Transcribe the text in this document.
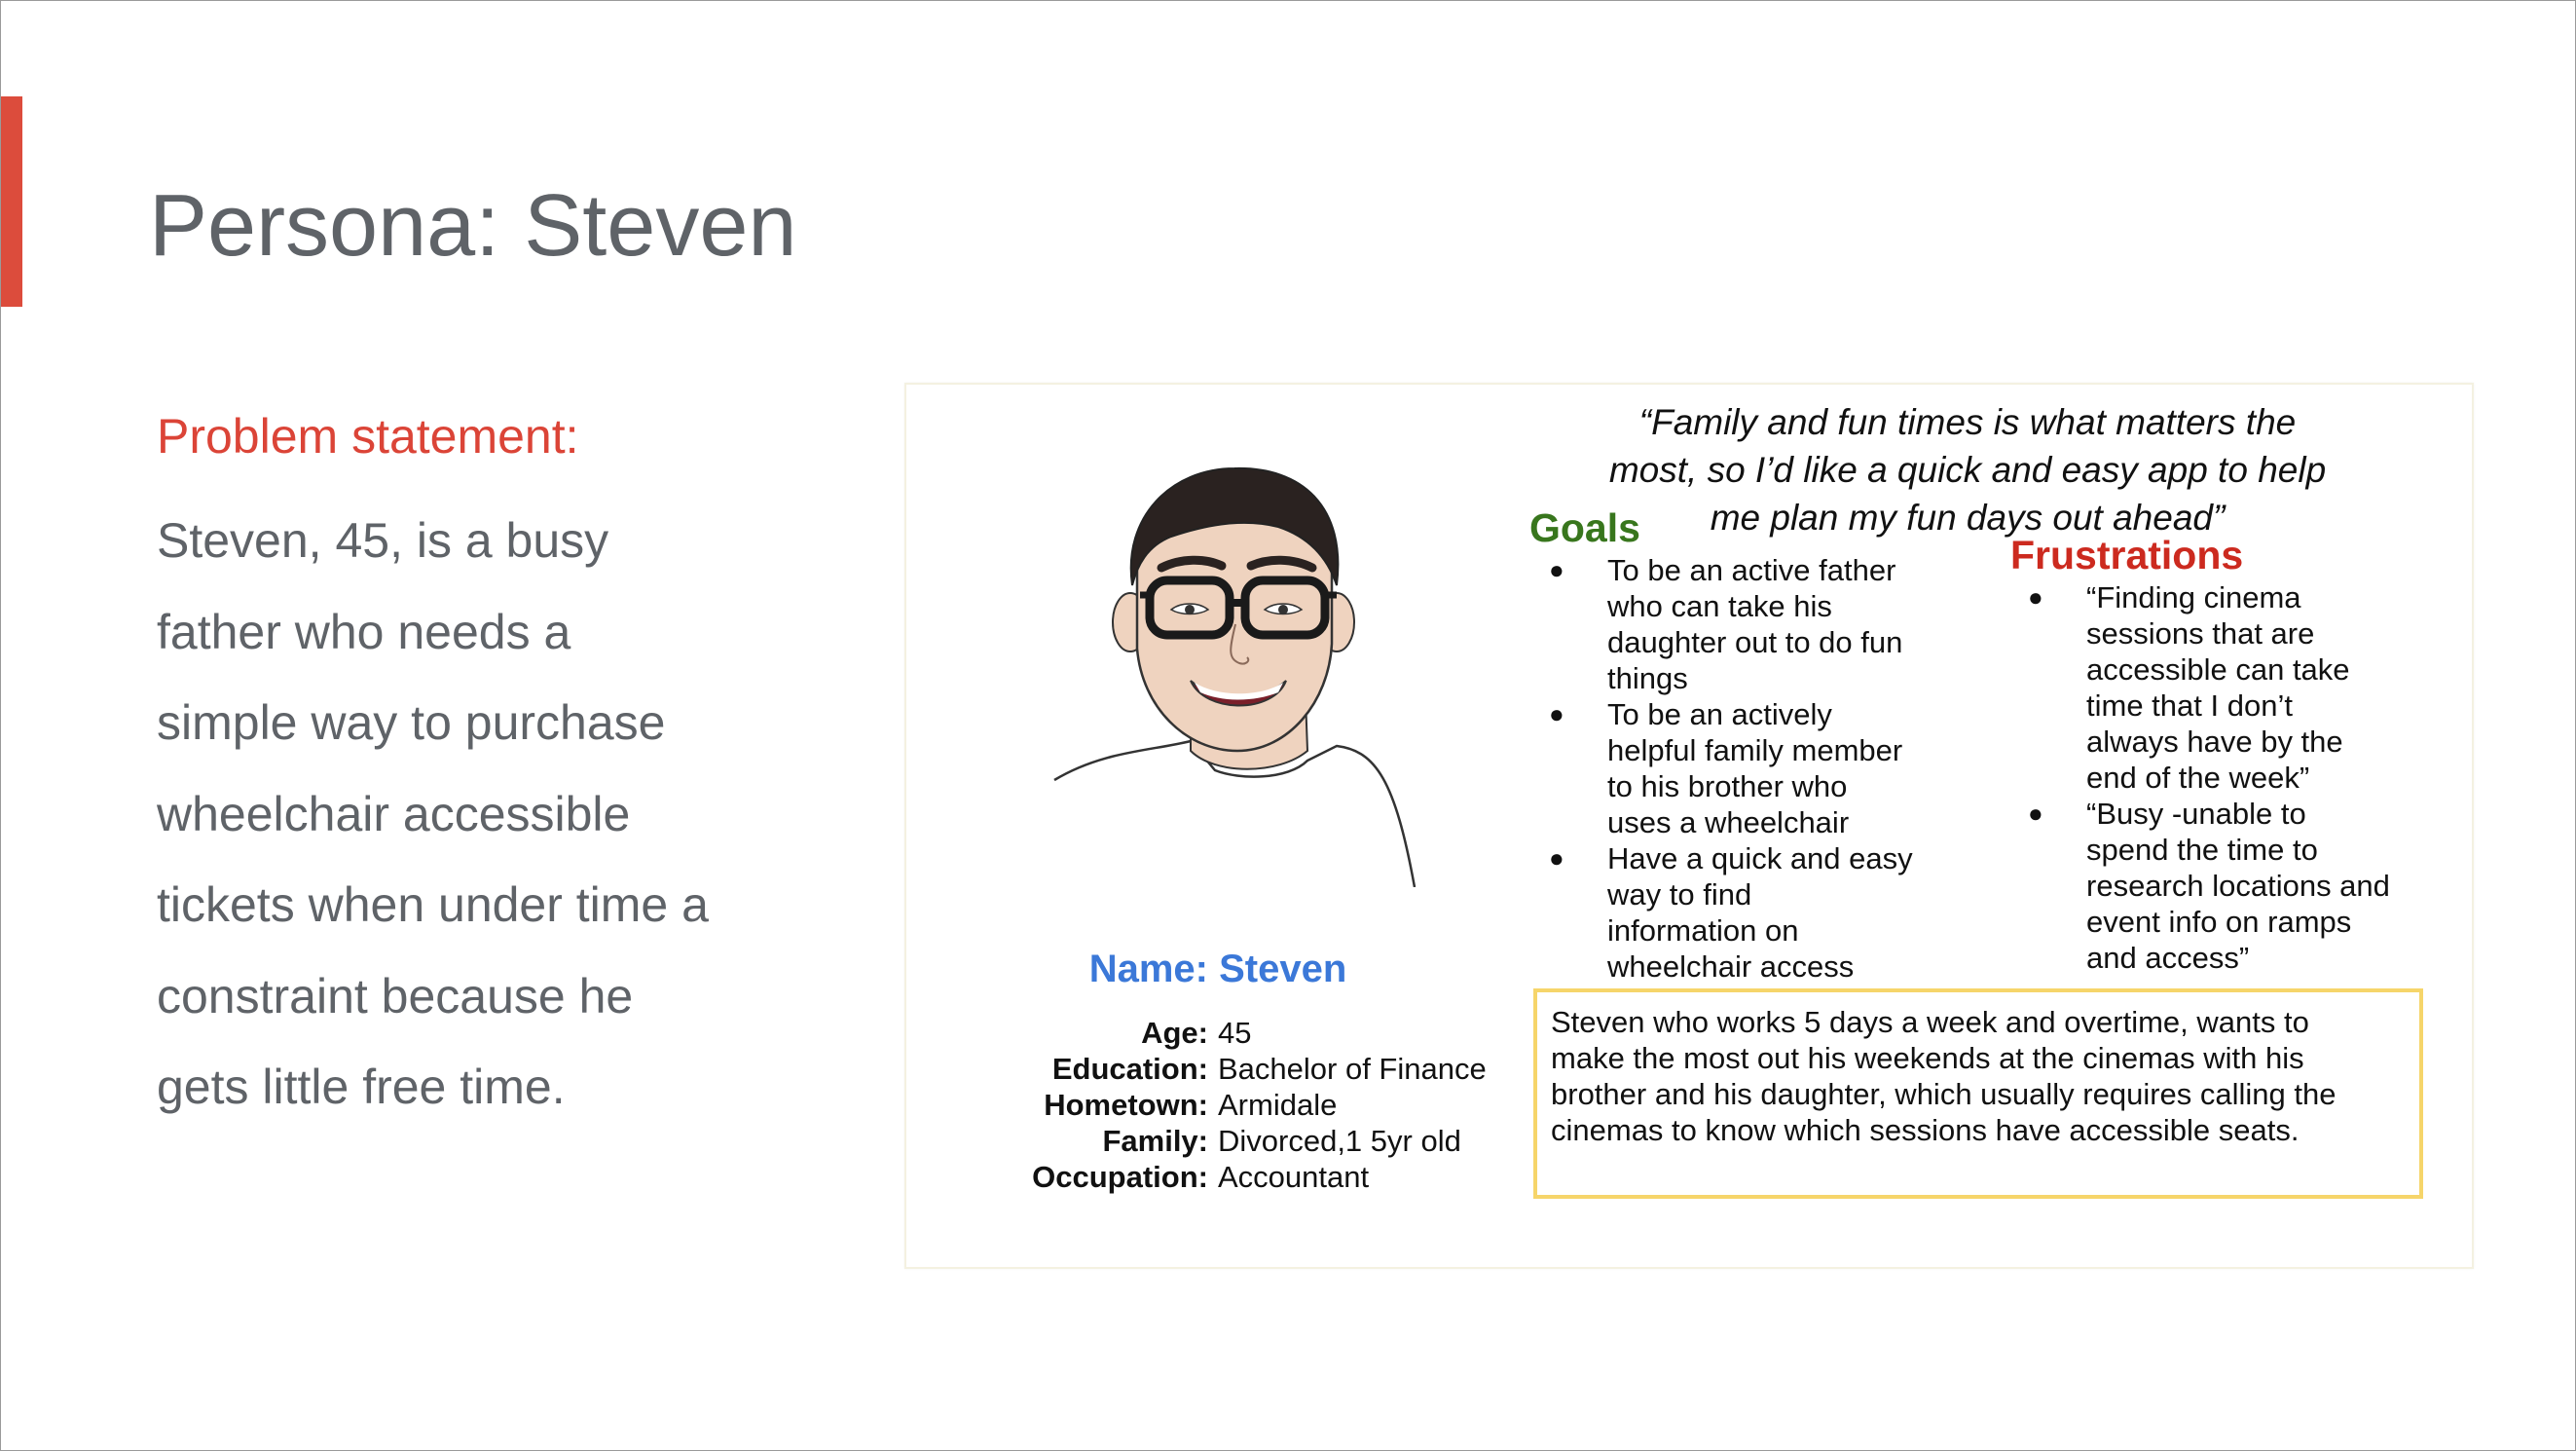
Persona: Steven
Problem statement:
Steven, 45, is a busy
father who needs a
simple way to purchase
wheelchair accessible
tickets when under time a
constraint because he
gets little free time.
Name: Steven
Age: 45
Education: Bachelor of Finance
Hometown: Armidale
Family: Divorced,1 5yr old
Occupation: Accountant
“Family and fun times is what matters the
most, so I’d like a quick and easy app to help
me plan my fun days out ahead”
Goals
Frustrations
● To be an active father
who can take his
daughter out to do fun
things
● To be an actively
helpful family member
to his brother who
uses a wheelchair
● Have a quick and easy
way to find
information on
wheelchair access
● “Finding cinema
sessions that are
accessible can take
time that I don’t
always have by the
end of the week”
● “Busy -unable to
spend the time to
research locations and
event info on ramps
and access”
Steven who works 5 days a week and overtime, wants to
make the most out his weekends at the cinemas with his
brother and his daughter, which usually requires calling the
cinemas to know which sessions have accessible seats.
